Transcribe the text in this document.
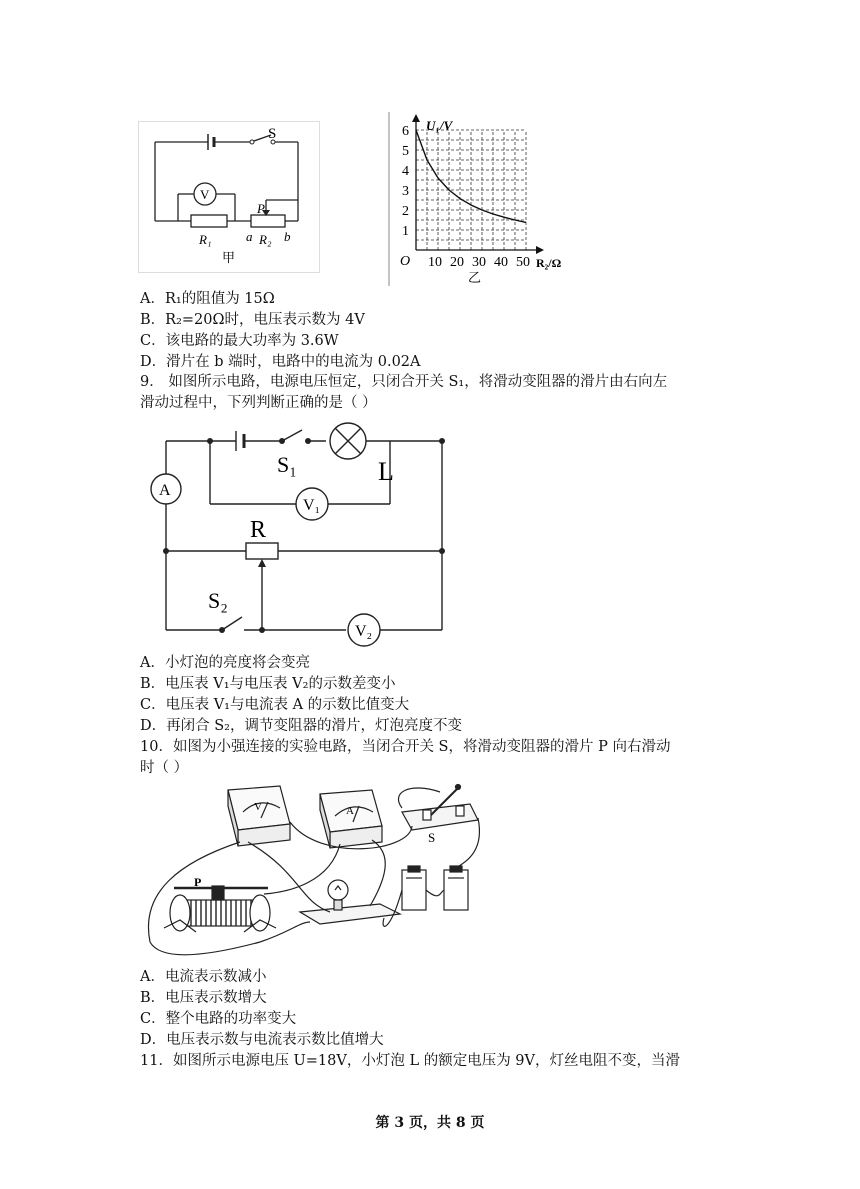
S
V
P
R₁	a R₂ b
甲
1
2
3
4
5
6
10 20 30 40 50
U₁/V
R₂/Ω
O
乙
A．R₁的阻值为 15Ω
B．R₂=20Ω时，电压表示数为 4V
C．该电路的最大功率为 3.6W
D．滑片在 b 端时，电路中的电流为 0.02A
9． 如图所示电路，电源电压恒定，只闭合开关 S₁，将滑动变阻器的滑片由右向左
滑动过程中，下列判断正确的是（ ）
A
S₁	L
V₁
R
S₂
V₂
A．小灯泡的亮度将会变亮
B．电压表 V₁与电压表 V₂的示数差变小
C．电压表 V₁与电流表 A 的示数比值变大
D．再闭合 S₂，调节变阻器的滑片，灯泡亮度不变
10．如图为小强连接的实验电路，当闭合开关 S，将滑动变阻器的滑片 P 向右滑动
时（ ）
V	A
S
P
A．电流表示数减小
B．电压表示数增大
C．整个电路的功率变大
D．电压表示数与电流表示数比值增大
11．如图所示电源电压 U=18V，小灯泡 L 的额定电压为 9V，灯丝电阻不变，当滑
第 3 页，共 8 页
